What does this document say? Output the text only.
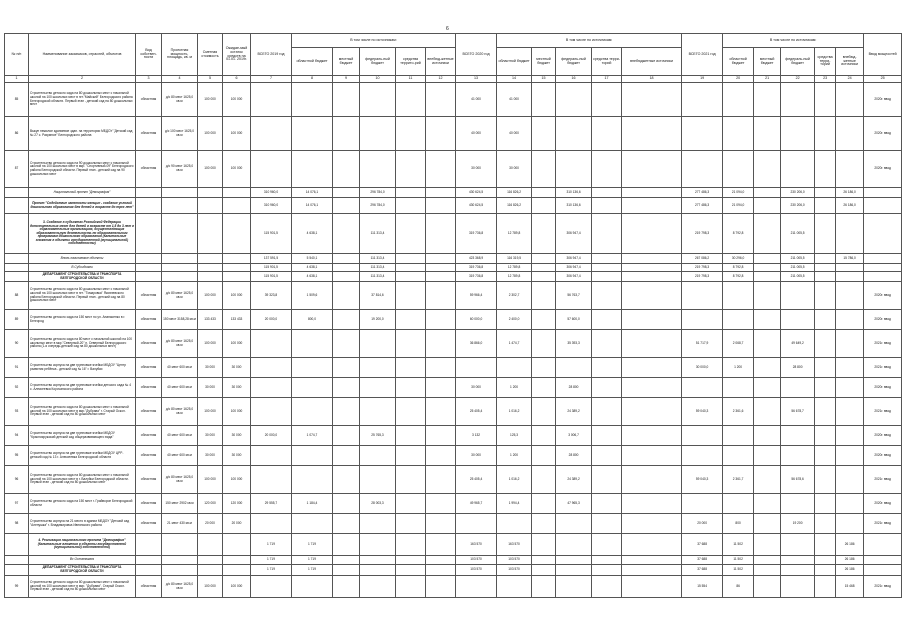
6
№ п/п	Наименование заказчиков, отраслей, объектов	Вид собствен-ности	Проектная мощность, площадь, кв. м	Сметная стоимость	Ожидае-мый остаток средств на 01.01. 2019г.	ВСЕГО 2019 год	В том числе по источникам:					ВСЕГО 2020 год	В том числе по источникам:					ВСЕГО 2021 год	В том числе по источникам:					Ввод мощностей
							областной бюджет	местный бюджет	федераль-ный бюджет	средства террито-рий	внебюд-жетные источники		областной бюджет	местный бюджет	федераль-ный бюджет	средства терри-торий	внебюджетные источники		областной бюджет	местный бюджет	федераль-ный бюджет	средства терри-торий	внебюд-жетные источники	
1	2	3	4	5	6	7	8	9	10	11	12	13	14	15	16	17	18	19	20	21	22	23	24	25
85	Строительство детского сада на 80 дошкольных мест с начальной школой на 100 школьных мест в пгт."Майский" Белгородского района Белгородской области. Первый этап - детский сад на 80 дошкольных мест	областная	д/с 80 мест 1625,0 кв.м	100 000	100 000							41 000	41 000											2020г. ввод
86	Выкуп нежилое зданиевое здан. на территории МБДОУ "Детский сад № 27 с. Разумное" Белгородского района	областная	д/с 100 мест 1625,0 кв.м	100 000	100 000							40 000	40 000											2020г. ввод
87	Строительство детского сада на 90 дошкольных мест с начальной школой на 100 школьных мест в мкр. "Спортивный-09" Белгородского района Белгородской области. Первый этап - детский сад на 90 дошкольных мест	областная	д/с 90 мест 1625,0 кв.м	100 000	100 000							30 000	30 000											2020г. ввод
	Национальный проект "Демография"					310 960,0	14 076,1		296 784,0			430 624,5	116 826,2		310 136,6			277 486,3	21 094,0		230 206,0		26 186,0	
	Проект "Содействие занятости женщин - создание условий дошкольного образования для детей в возрасте до трех лет"					310 960,0	14 076,1		296 784,0			430 624,5	116 826,2		310 136,6			277 486,3	21 094,0		230 206,0		26 186,0	
	3. Создание в субъектах Российской Федерации дополнительных мест для детей в возрасте от 1,5 до 3 лет в образовательных организациях, осуществляющих образовательную деятельность по образовательным программам дошкольного образования (Капитальные вложения в объекты государственной (муниципальной) собственности)					115 901,5	4 638,1		111 313,4			319 736,8	12 789,8		306 947,4			219 798,3	8 792,8		211 005,5			
	Вновь начинаемые объекты					137 591,5	5 540,1		111 313,4			423 368,9	116 319,5		306 947,4			267 086,2	30 296,0		211 005,5		15 786,0	
	В Субсидиями					115 901,5	4 638,1		111 313,4			319 736,8	12 789,8		306 947,4			219 798,3	8 792,8		211 005,5			
	ДЕПАРТАМЕНТ СТРОИТЕЛЬСТВА И ТРАНСПОРТА БЕЛГОРОДСКОЙ ОБЛАСТИ					115 901,5	4 638,1		111 313,4			319 736,8	12 789,8		306 947,4			219 798,3	8 792,8		211 005,5			
88	Строительство детского сада на 80 дошкольных мест с начальной школой на 100 школьных мест в пгт. "Томаровка" Яковлевского района Белгородской области. Первый этап - детский сад на 80 дошкольных мест	областная	д/с 80 мест 1625,0 кв.м	100 000	100 000	39 323,8	1 509,6		37 814,6			59 966,4	2 302,7		56 763,7									2020г. ввод
89	Строительство детского сада на 150 мест по ул. Апанасенко в г. Белгород	областная	150 мест 3158,28 кв.м	133 433	133 433	20 000,0	800,0		19 200,0			60 000,0	2 400,0		57 600,0									2020г. ввод
90	Строительство детского сада на 80 мест с начальной школой на 100 школьных мест в мкр."Северный-20" п. Северный Белгородского района (1-я очередь-детский сад на 80 дошкольных мест)	областная	д/с 80 мест 1625,0 кв.м	100 000	100 000							36 866,0	1 474,7		35 393,3			51 717,9	2 068,7		49 649,2			2021г. ввод
91	Строительство корпуса на две групповые ячейки МБДОУ "Центр развития ребёнка - детский сад № 16" г. Валуйки	областная	40 мест 600 кв.м	30 000	30 000													30 000,0	1 200		28 800			2021г. ввод
92	Строительство корпуса на две групповые ячейки детского сада № 4 с. Алексеевка Корочанского района	областная	40 мест 600 кв.м	30 000	30 000							30 000	1 200		28 800									2020г. ввод
93	Строительство детского сада на 80 дошкольных мест с начальной школой на 100 школьных мест в мкр."Дубрава" г. Старый Оскол. Первый этап - детский сад на 80 дошкольных мест	областная	д/с 80 мест 1625,0 кв.м	100 000	100 000							25 405,4	1 016,2		24 389,2			59 040,3	2 361,6		56 678,7			2021г. ввод
94	Строительство корпуса на две групповые ячейки МБДОУ "Краснояружский детский сад общеразвивающего вида"	областная	40 мест 600 кв.м	30 000	30 000	20 000,0	1 074,7		25 765,3			3 132	125,3		3 006,7									2020г. ввод
95	Строительство корпуса на две групповые ячейки МБДОУ ЦРР-детский сад № 13 г. Алексеевка Белгородской области	областная	40 мест 600 кв.м	30 000	30 000							30 000	1 200		28 800									2020г. ввод
96	Строительство детского сада на 80 дошкольных мест с начальной школой на 100 школьных мест в г. Валуйки Белгородской области. Первый этап - детский сад на 80 дошкольных мест	областная	д/с 80 мест 1625,0 кв.м	100 000	100 000							25 405,4	1 016,2		24 389,2			59 040,3	2 361,7		56 678,6			2021г. ввод
97	Строительство детского сада на 150 мест г. Грайворон Белгородской области	областная	150 мест 2902 кв.м	120 000	120 000	29 555,7	1 184,4		28 003,3			49 965,7	1 994,4		47 965,3									2020г. ввод
98	Строительство корпуса на 21 место в здании МБДОУ "Детский сад "Аленушка" г. Владимировка Ивнянского района	областная	21 мест 430 кв.м	20 000	20 000													20 000	800		19 200			2021г. ввод
	4. Реализация национального проекта "Демография" (Капитальные вложения в объекты государственной (муниципальной) собственности)					1 719	1 719					163 570	163 570					37 688	11 502				26 186	
	Вс Остаемимся					1 719	1 719					103 570	103 570					37 688	11 502				26 186	
	ДЕПАРТАМЕНТ СТРОИТЕЛЬСТВА И ТРАНСПОРТА БЕЛГОРОДСКОЙ ОБЛАСТИ					1 719	1 719					103 570	103 570					37 688	11 502				26 186	
99	Строительство детского сада на 80 дошкольных мест с начальной школой на 100 школьных мест в мкр. "Дубрава", Старый Оскол. Первый этап - детский сад на 80 дошкольных мест	областная	д/с 80 мест 1625,0 кв.м	100 000	100 000													15 554	86				15 468	2021г. ввод
